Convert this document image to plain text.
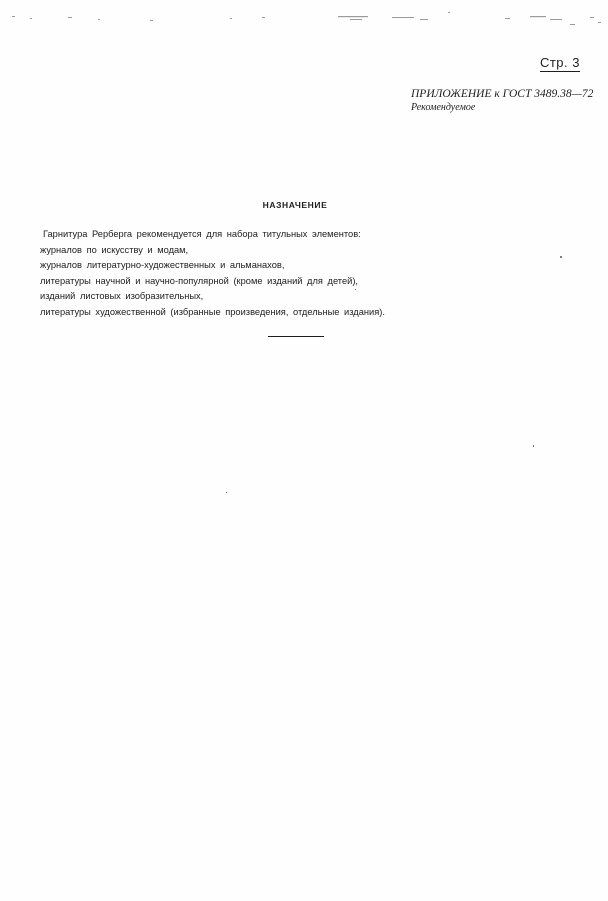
Стр. 3
ПРИЛОЖЕНИЕ к ГОСТ 3489.38—72
Рекомендуемое
НАЗНАЧЕНИЕ

Гарнитура Рерберга рекомендуется для набора титульных элементов:

журналов по искусству и модам,

журналов литературно-художественных и альманахов,

литературы научной и научно-популярной (кроме изданий для детей),

изданий листовых изобразительных,

литературы художественной (избранные произведения, отдельные издания).
